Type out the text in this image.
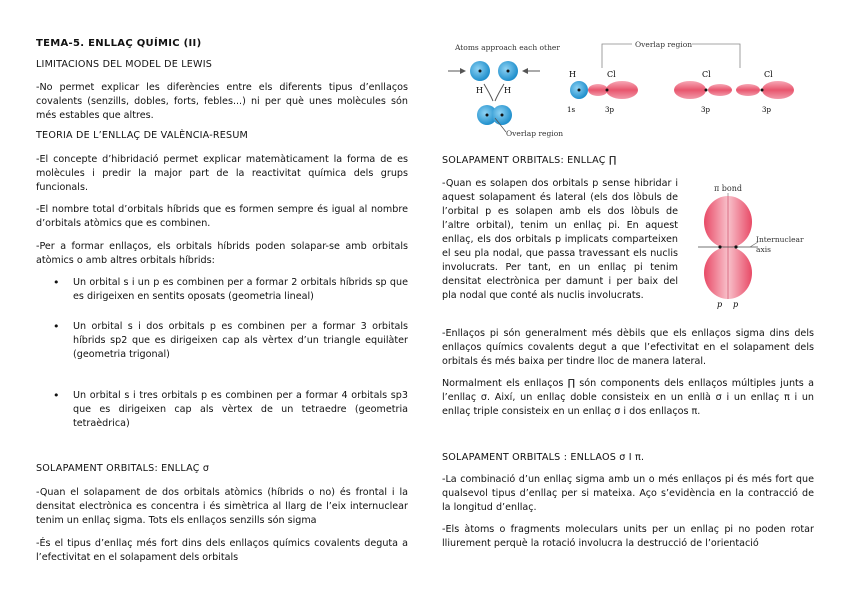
TEMA-5. ENLLAÇ QUÍMIC (II)
LIMITACIONS DEL MODEL DE LEWIS

-No permet explicar les diferències entre els diferents tipus d’enllaços covalents (senzills, dobles, forts, febles...) ni per què unes molècules són més estables que altres.

TEORIA DE L’ENLLAÇ DE VALÈNCIA-RESUM

-El concepte d’hibridació permet explicar matemàticament la forma de es molècules i predir la major part de la reactivitat química dels grups funcionals.

-El nombre total d’orbitals híbrids que es formen sempre és igual al nombre d’orbitals atòmics que es combinen.

-Per a formar enllaços, els orbitals híbrids poden solapar-se amb orbitals atòmics o amb altres orbitals híbrids:

• Un orbital s i un p es combinen per a formar 2 orbitals híbrids sp que es dirigeixen en sentits oposats (geometria lineal)
• Un orbital s i dos orbitals p es combinen per a formar 3 orbitals híbrids sp2 que es dirigeixen cap als vèrtex d’un triangle equilàter (geometria trigonal)
• Un orbital s i tres orbitals p es combinen per a formar 4 orbitals sp3 que es dirigeixen cap als vèrtex de un tetraedre (geometria tetraèdrica)
SOLAPAMENT ORBITALS: ENLLAÇ σ

-Quan el solapament de dos orbitals atòmics (híbrids o no) és frontal i la densitat electrònica es concentra i és simètrica al llarg de l’eix internuclear tenim un enllaç sigma. Tots els enllaços senzills són sigma

-És el tipus d’enllaç més fort dins dels enllaços químics covalents deguta a l’efectivitat en el solapament dels orbitals

Atoms approach each other
H	H
Overlap region
Overlap region
H	Cl
1s	3p
Cl	Cl
3p	3p
SOLAPAMENT ORBITALS: ENLLAÇ ∏

-Quan es solapen dos orbitals p sense hibridar i aquest solapament és lateral (els dos lòbuls de l’orbital p es solapen amb els dos lòbuls de l’altre orbital), tenim un enllaç pi. En aquest enllaç, els dos orbitals p implicats comparteixen el seu pla nodal, que passa travessant els nuclis involucrats. Per tant, en un enllaç pi tenim densitat electrònica per damunt i per baix del pla nodal que conté als nuclis involucrats.

-Enllaços pi són generalment més dèbils que els enllaços sigma dins dels enllaços químics covalents degut a que l’efectivitat en el solapament dels orbitals és més baixa per tindre lloc de manera lateral.

Normalment els enllaços ∏ són components dels enllaços múltiples junts a l’enllaç σ. Així, un enllaç doble consisteix en un enllà σ i un enllaç π i un enllaç triple consisteix en un enllaç σ i dos enllaços π.

SOLAPAMENT ORBITALS : ENLLAOS σ I π.

-La combinació d’un enllaç sigma amb un o més enllaços pi és més fort que qualsevol tipus d’enllaç per si mateixa. Aço s’evidència en la contracció de la longitud d’enllaç.

-Els àtoms o fragments moleculars units per un enllaç pi no poden rotar lliurement perquè la rotació involucra la destrucció de l’orientació

π bond
Internuclear
axis
p p
